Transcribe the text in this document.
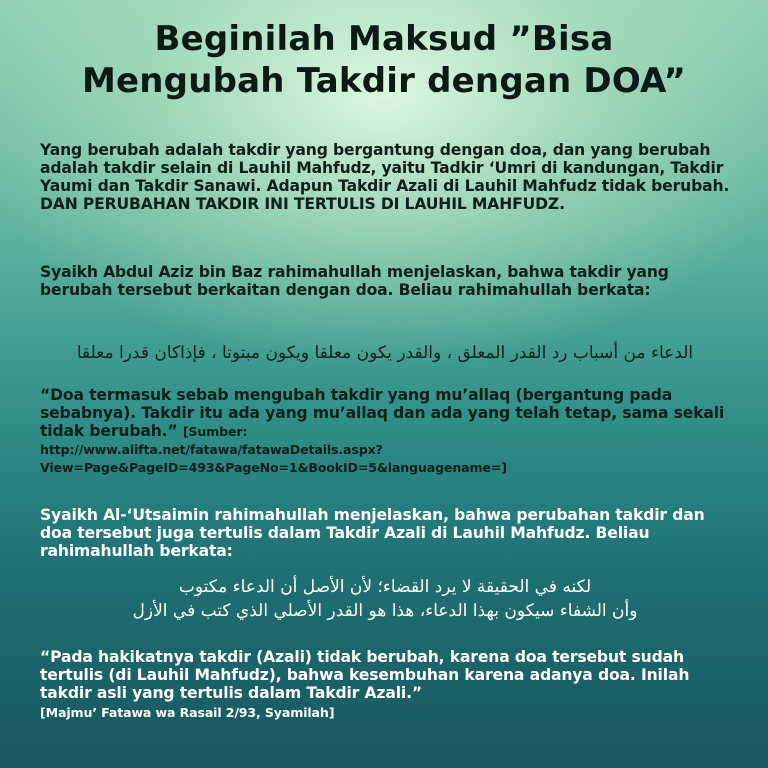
Beginilah Maksud ”Bisa
Mengubah Takdir dengan DOA”
Yang berubah adalah takdir yang bergantung dengan doa, dan yang berubah adalah takdir selain di Lauhil Mahfudz, yaitu Tadkir ‘Umri di kandungan, Takdir Yaumi dan Takdir Sanawi. Adapun Takdir Azali di Lauhil Mahfudz tidak berubah. DAN PERUBAHAN TAKDIR INI TERTULIS DI LAUHIL MAHFUDZ.
Syaikh Abdul Aziz bin Baz rahimahullah menjelaskan, bahwa takdir yang berubah tersebut berkaitan dengan doa. Beliau rahimahullah berkata:
الدعاء من أسباب رد القدر المعلق ، والقدر يكون معلقا ويكون مبتوتا ، فإذاكان قدرا معلقا
“Doa termasuk sebab mengubah takdir yang mu’allaq (bergantung pada sebabnya). Takdir itu ada yang mu’allaq dan ada yang telah tetap, sama sekali tidak berubah.” [Sumber:
http://www.alifta.net/fatawa/fatawaDetails.aspx?View=Page&PageID=493&PageNo=1&BookID=5&languagename=]
Syaikh Al-‘Utsaimin rahimahullah menjelaskan, bahwa perubahan takdir dan doa tersebut juga tertulis dalam Takdir Azali di Lauhil Mahfudz. Beliau rahimahullah berkata:
لكنه في الحقيقة لا يرد القضاء؛ لأن الأصل أن الدعاء مكتوب
وأن الشفاء سيكون بهذا الدعاء، هذا هو القدر الأصلي الذي كتب في الأزل
“Pada hakikatnya takdir (Azali) tidak berubah, karena doa tersebut sudah tertulis (di Lauhil Mahfudz), bahwa kesembuhan karena adanya doa. Inilah takdir asli yang tertulis dalam Takdir Azali.”
[Majmu’ Fatawa wa Rasail 2/93, Syamilah]
